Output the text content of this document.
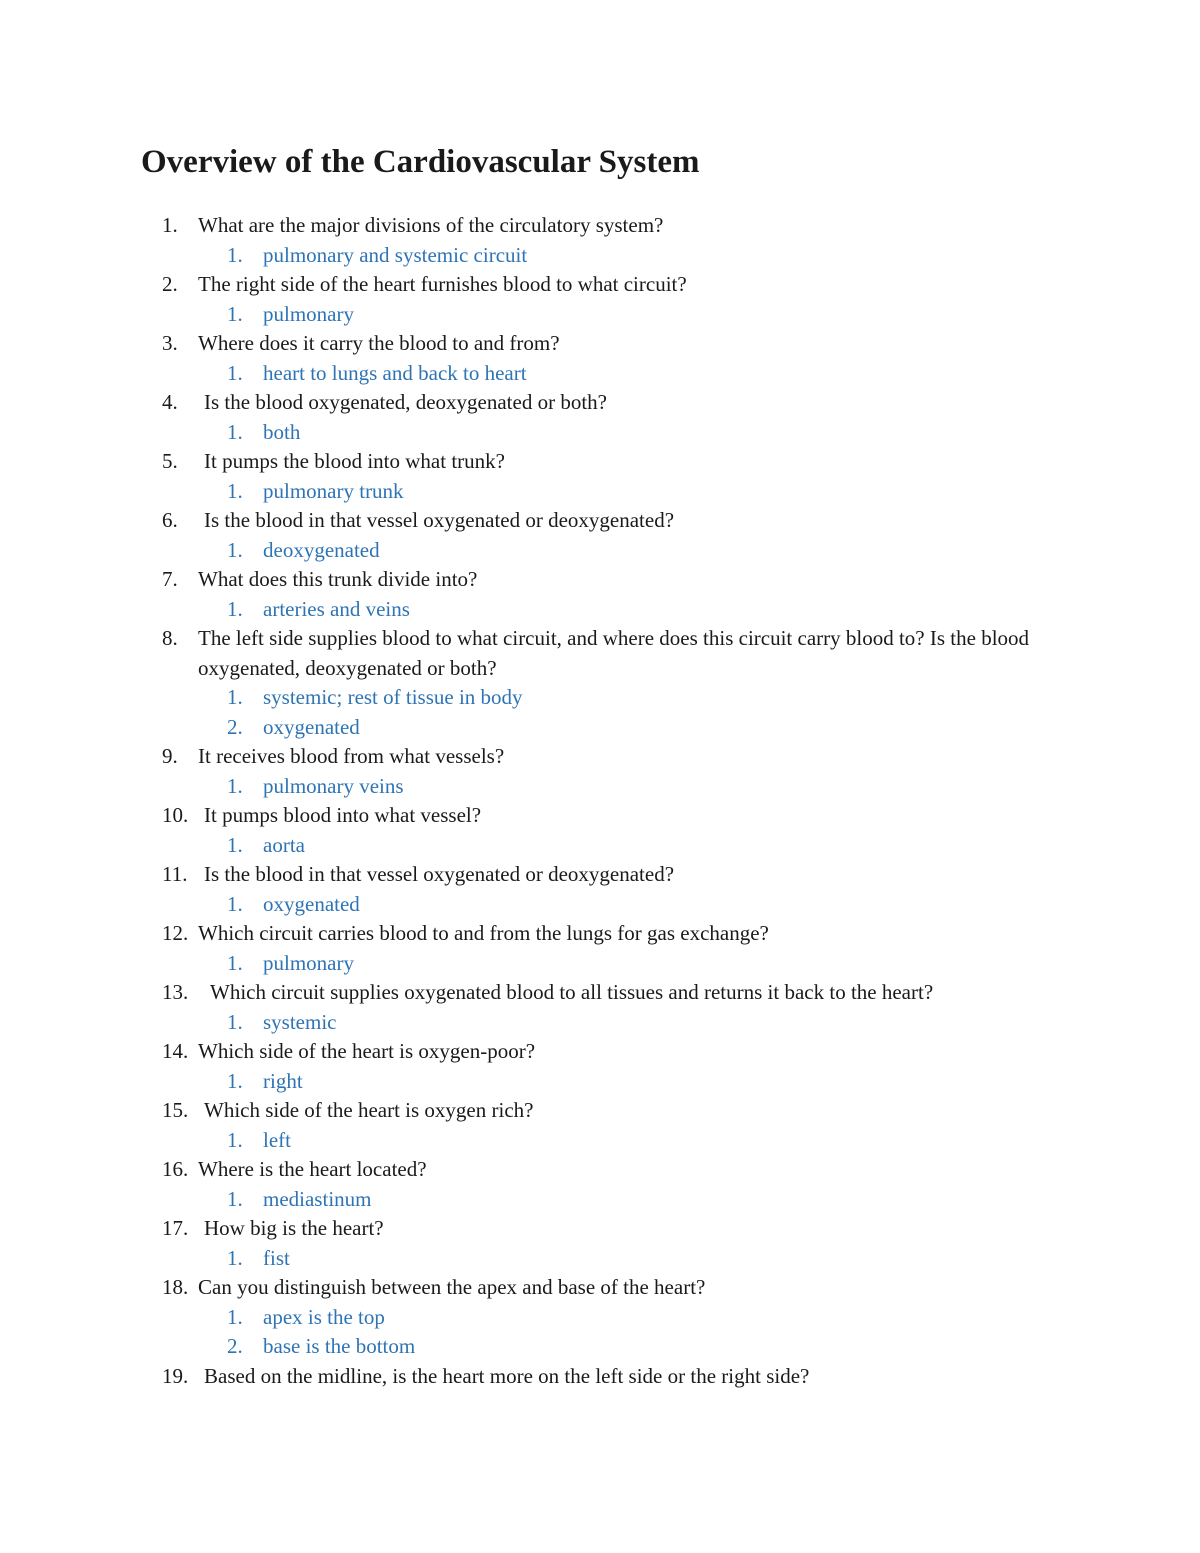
Overview of the Cardiovascular System
1. What are the major divisions of the circulatory system?
1. pulmonary and systemic circuit
2. The right side of the heart furnishes blood to what circuit?
1. pulmonary
3. Where does it carry the blood to and from?
1. heart to lungs and back to heart
4. Is the blood oxygenated, deoxygenated or both?
1. both
5. It pumps the blood into what trunk?
1. pulmonary trunk
6. Is the blood in that vessel oxygenated or deoxygenated?
1. deoxygenated
7. What does this trunk divide into?
1. arteries and veins
8. The left side supplies blood to what circuit, and where does this circuit carry blood to? Is the blood oxygenated, deoxygenated or both?
1. systemic; rest of tissue in body
2. oxygenated
9. It receives blood from what vessels?
1. pulmonary veins
10. It pumps blood into what vessel?
1. aorta
11. Is the blood in that vessel oxygenated or deoxygenated?
1. oxygenated
12. Which circuit carries blood to and from the lungs for gas exchange?
1. pulmonary
13. Which circuit supplies oxygenated blood to all tissues and returns it back to the heart?
1. systemic
14. Which side of the heart is oxygen-poor?
1. right
15. Which side of the heart is oxygen rich?
1. left
16. Where is the heart located?
1. mediastinum
17. How big is the heart?
1. fist
18. Can you distinguish between the apex and base of the heart?
1. apex is the top
2. base is the bottom
19. Based on the midline, is the heart more on the left side or the right side?
